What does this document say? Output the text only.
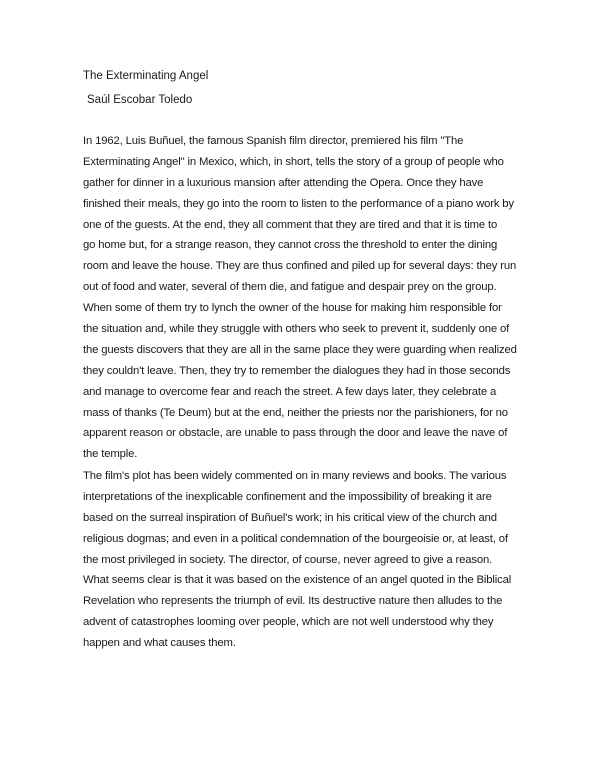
The Exterminating Angel
Saúl Escobar Toledo
In 1962, Luis Buñuel, the famous Spanish film director, premiered his film "The
Exterminating Angel" in Mexico, which, in short, tells the story of a group of people who
gather for dinner in a luxurious mansion after attending the Opera. Once they have
finished their meals, they go into the room to listen to the performance of a piano work by
one of the guests. At the end, they all comment that they are tired and that it is time to
go home but, for a strange reason, they cannot cross the threshold to enter the dining
room and leave the house. They are thus confined and piled up for several days: they run
out of food and water, several of them die, and fatigue and despair prey on the group.
When some of them try to lynch the owner of the house for making him responsible for
the situation and, while they struggle with others who seek to prevent it, suddenly one of
the guests discovers that they are all in the same place they were guarding when realized
they couldn't leave. Then, they try to remember the dialogues they had in those seconds
and manage to overcome fear and reach the street. A few days later, they celebrate a
mass of thanks (Te Deum) but at the end, neither the priests nor the parishioners, for no
apparent reason or obstacle, are unable to pass through the door and leave the nave of
the temple.
The film's plot has been widely commented on in many reviews and books. The various
interpretations of the inexplicable confinement and the impossibility of breaking it are
based on the surreal inspiration of Buñuel's work; in his critical view of the church and
religious dogmas; and even in a political condemnation of the bourgeoisie or, at least, of
the most privileged in society. The director, of course, never agreed to give a reason.
What seems clear is that it was based on the existence of an angel quoted in the Biblical
Revelation who represents the triumph of evil. Its destructive nature then alludes to the
advent of catastrophes looming over people, which are not well understood why they
happen and what causes them.
